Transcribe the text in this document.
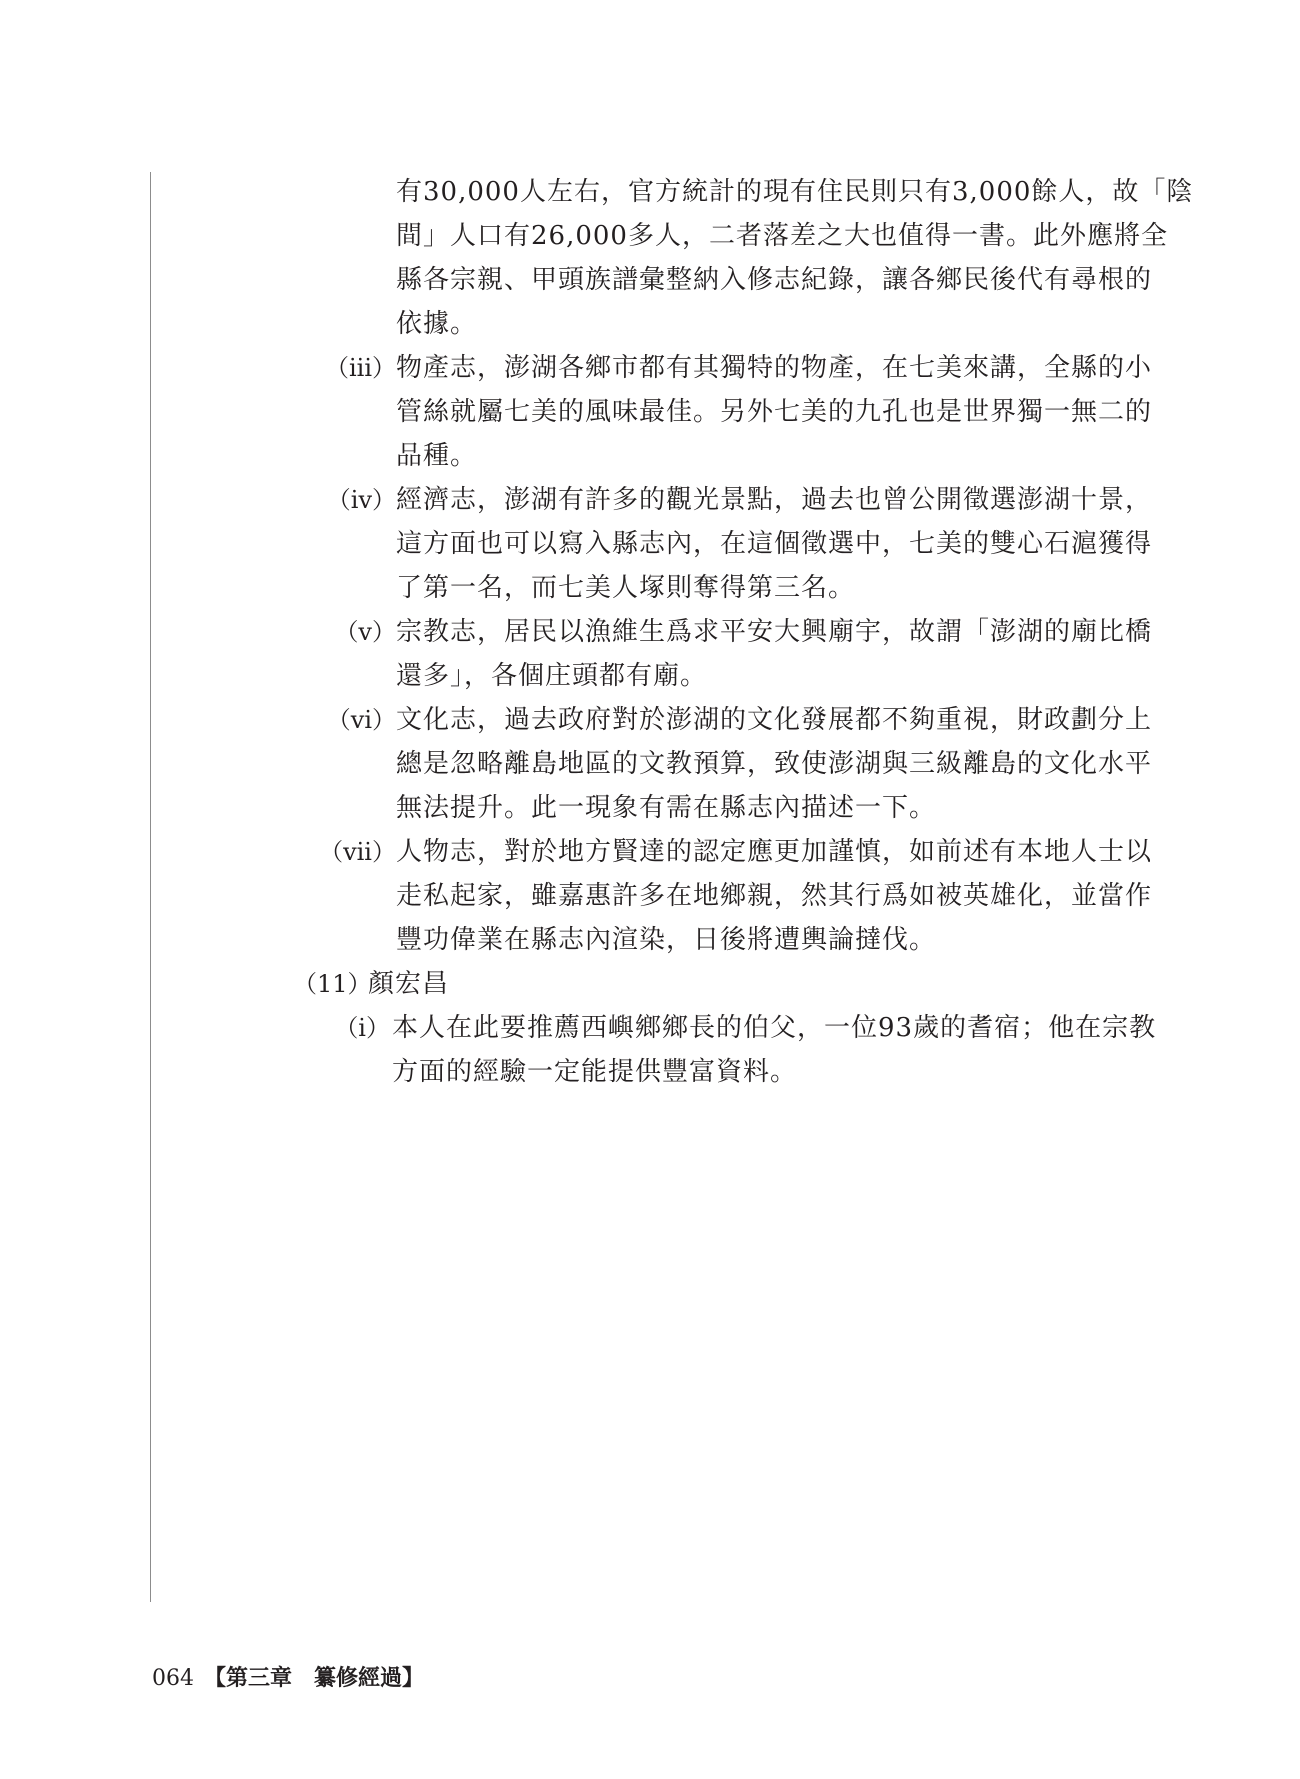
有30,000人左右，官方統計的現有住民則只有3,000餘人，故「陰
間」人口有26,000多人，二者落差之大也值得一書。此外應將全
縣各宗親、甲頭族譜彙整納入修志紀錄，讓各鄉民後代有尋根的
依據。
（iii） 物產志，澎湖各鄉市都有其獨特的物產，在七美來講，全縣的小
管絲就屬七美的風味最佳。另外七美的九孔也是世界獨一無二的
品種。
（iv） 經濟志，澎湖有許多的觀光景點，過去也曾公開徵選澎湖十景，
這方面也可以寫入縣志內，在這個徵選中，七美的雙心石滬獲得
了第一名，而七美人塚則奪得第三名。
（v） 宗教志，居民以漁維生爲求平安大興廟宇，故謂「澎湖的廟比橋
還多」，各個庄頭都有廟。
（vi） 文化志，過去政府對於澎湖的文化發展都不夠重視，財政劃分上
總是忽略離島地區的文教預算，致使澎湖與三級離島的文化水平
無法提升。此一現象有需在縣志內描述一下。
（vii） 人物志，對於地方賢達的認定應更加謹慎，如前述有本地人士以
走私起家，雖嘉惠許多在地鄉親，然其行爲如被英雄化，並當作
豐功偉業在縣志內渲染，日後將遭輿論撻伐。
（11）
顏宏昌
（i） 本人在此要推薦西嶼鄉鄉長的伯父，一位93歲的耆宿；他在宗教
方面的經驗一定能提供豐富資料。
064 【第三章　纂修經過】
